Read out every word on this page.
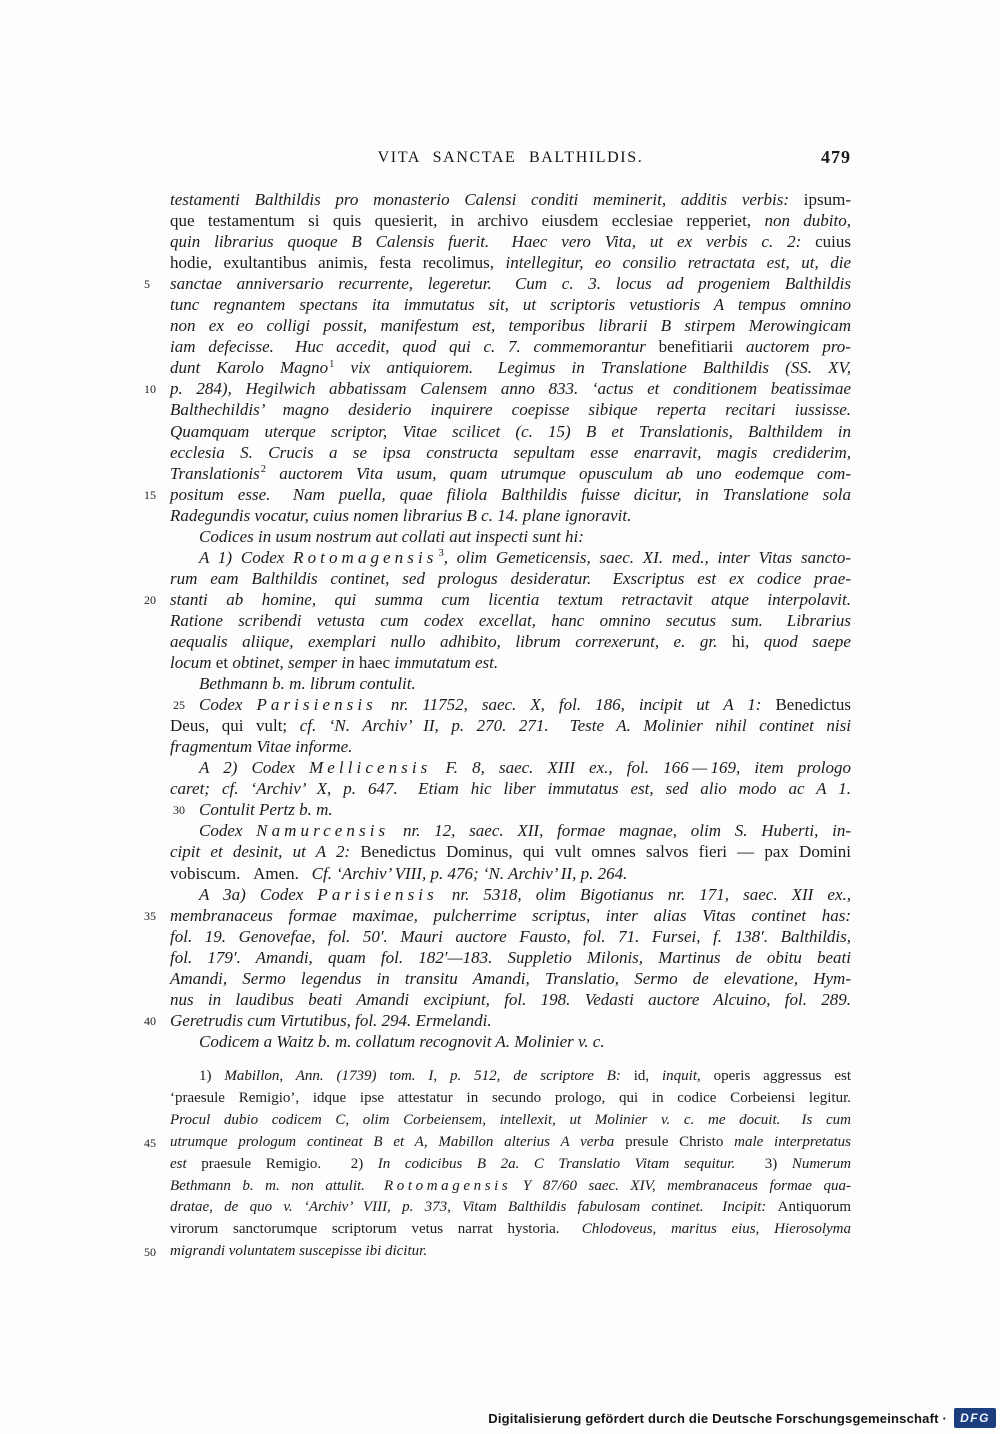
VITA SANCTAE BALTHILDIS.	479
testamenti Balthildis pro monasterio Calensi conditi meminerit, additis verbis: ipsum-
que testamentum si quis quesierit, in archivo eiusdem ecclesiae repperiet, non dubito,
quin librarius quoque B Calensis fuerit.  Haec vero Vita, ut ex verbis c. 2: cuius
hodie, exultantibus animis, festa recolimus, intellegitur, eo consilio retractata est, ut, die
5	sanctae anniversario recurrente, legeretur.  Cum c. 3. locus ad progeniem Balthildis
tunc regnantem spectans ita immutatus sit, ut scriptoris vetustioris A tempus omnino
non ex eo colligi possit, manifestum est, temporibus librarii B stirpem Merowingicam
iam defecisse.  Huc accedit, quod qui c. 7. commemorantur benefitiarii auctorem pro-
dunt Karolo Magno$^1$ vix antiquiorem.  Legimus in Translatione Balthildis (SS. XV,
10 p. 284), Hegilwich abbatissam Calensem anno 833. ‘actus et conditionem beatissimae
Balthechildis’ magno desiderio inquirere coepisse sibique reperta recitari iussisse.
Quamquam uterque scriptor, Vitae scilicet (c. 15) B et Translationis, Balthildem in
ecclesia S. Crucis a se ipsa constructa sepultam esse enarravit, magis crediderim,
Translationis$^2$ auctorem Vita usum, quam utrumque opusculum ab uno eodemque com-
15 positum esse.  Nam puella, quae filiola Balthildis fuisse dicitur, in Translatione sola
Radegundis vocatur, cuius nomen librarius B c. 14. plane ignoravit.
Codices in usum nostrum aut collati aut inspecti sunt hi:
A 1) Codex Rotomagensis$^3$, olim Gemeticensis, saec. XI. med., inter Vitas sancto-
rum eam Balthildis continet, sed prologus desideratur.  Exscriptus est ex codice prae-
20 stanti ab homine, qui summa cum licentia textum retractavit atque interpolavit.
Ratione scribendi vetusta cum codex excellat, hanc omnino secutus sum.  Librarius
aequalis aliique, exemplari nullo adhibito, librum correxerunt, e. gr. hi, quod saepe
locum et obtinet, semper in haec immutatum est.
Bethmann b. m. librum contulit.
25 Codex Parisiensis nr. 11752, saec. X, fol. 186, incipit ut A 1: Benedictus
Deus, qui vult; cf. ‘N. Archiv’ II, p. 270. 271.  Teste A. Molinier nihil continet nisi
fragmentum Vitae informe.
A 2) Codex Mellicensis F. 8, saec. XIII ex., fol. 166 — 169, item prologo
caret; cf. ‘Archiv’ X, p. 647.  Etiam hic liber immutatus est, sed alio modo ac A 1.
30 Contulit Pertz b. m.
Codex Namurcensis nr. 12, saec. XII, formae magnae, olim S. Huberti, in-
cipit et desinit, ut A 2: Benedictus Dominus, qui vult omnes salvos fieri — pax Domini
vobiscum.  Amen.  Cf. ‘Archiv’ VIII, p. 476; ‘N. Archiv’ II, p. 264.
A 3a) Codex Parisiensis nr. 5318, olim Bigotianus nr. 171, saec. XII ex.,
35 membranaceus formae maximae, pulcherrime scriptus, inter alias Vitas continet has:
fol. 19. Genovefae, fol. 50′. Mauri auctore Fausto, fol. 71. Fursei, f. 138′. Balthildis,
fol. 179′. Amandi, quam fol. 182′—183. Suppletio Milonis, Martinus de obitu beati
Amandi, Sermo legendus in transitu Amandi, Translatio, Sermo de elevatione, Hym-
nus in laudibus beati Amandi excipiunt, fol. 198. Vedasti auctore Alcuino, fol. 289.
40 Geretrudis cum Virtutibus, fol. 294. Ermelandi.
Codicem a Waitz b. m. collatum recognovit A. Molinier v. c.
1) Mabillon, Ann. (1739) tom. I, p. 512, de scriptore B: id, inquit, operis aggressus est
‘praesule Remigio’, idque ipse attestatur in secundo prologo, qui in codice Corbeiensi legitur.
Procul dubio codicem C, olim Corbeiensem, intellexit, ut Molinier v. c. me docuit.  Is cum
45 utrumque prologum contineat B et A, Mabillon alterius A verba presule Christo male interpretatus
est praesule Remigio.  2) In codicibus B 2a. C Translatio Vitam sequitur.  3) Numerum
Bethmann b. m. non attulit.  Rotomagensis Y 87/60 saec. XIV, membranaceus formae qua-
dratae, de quo v. ‘Archiv’ VIII, p. 373, Vitam Balthildis fabulosam continet.  Incipit: Antiquorum
virorum sanctorumque scriptorum vetus narrat hystoria.  Chlodoveus, maritus eius, Hierosolyma
50 migrandi voluntatem suscepisse ibi dicitur.
Digitalisierung gefördert durch die Deutsche Forschungsgemeinschaft ·	DFG
